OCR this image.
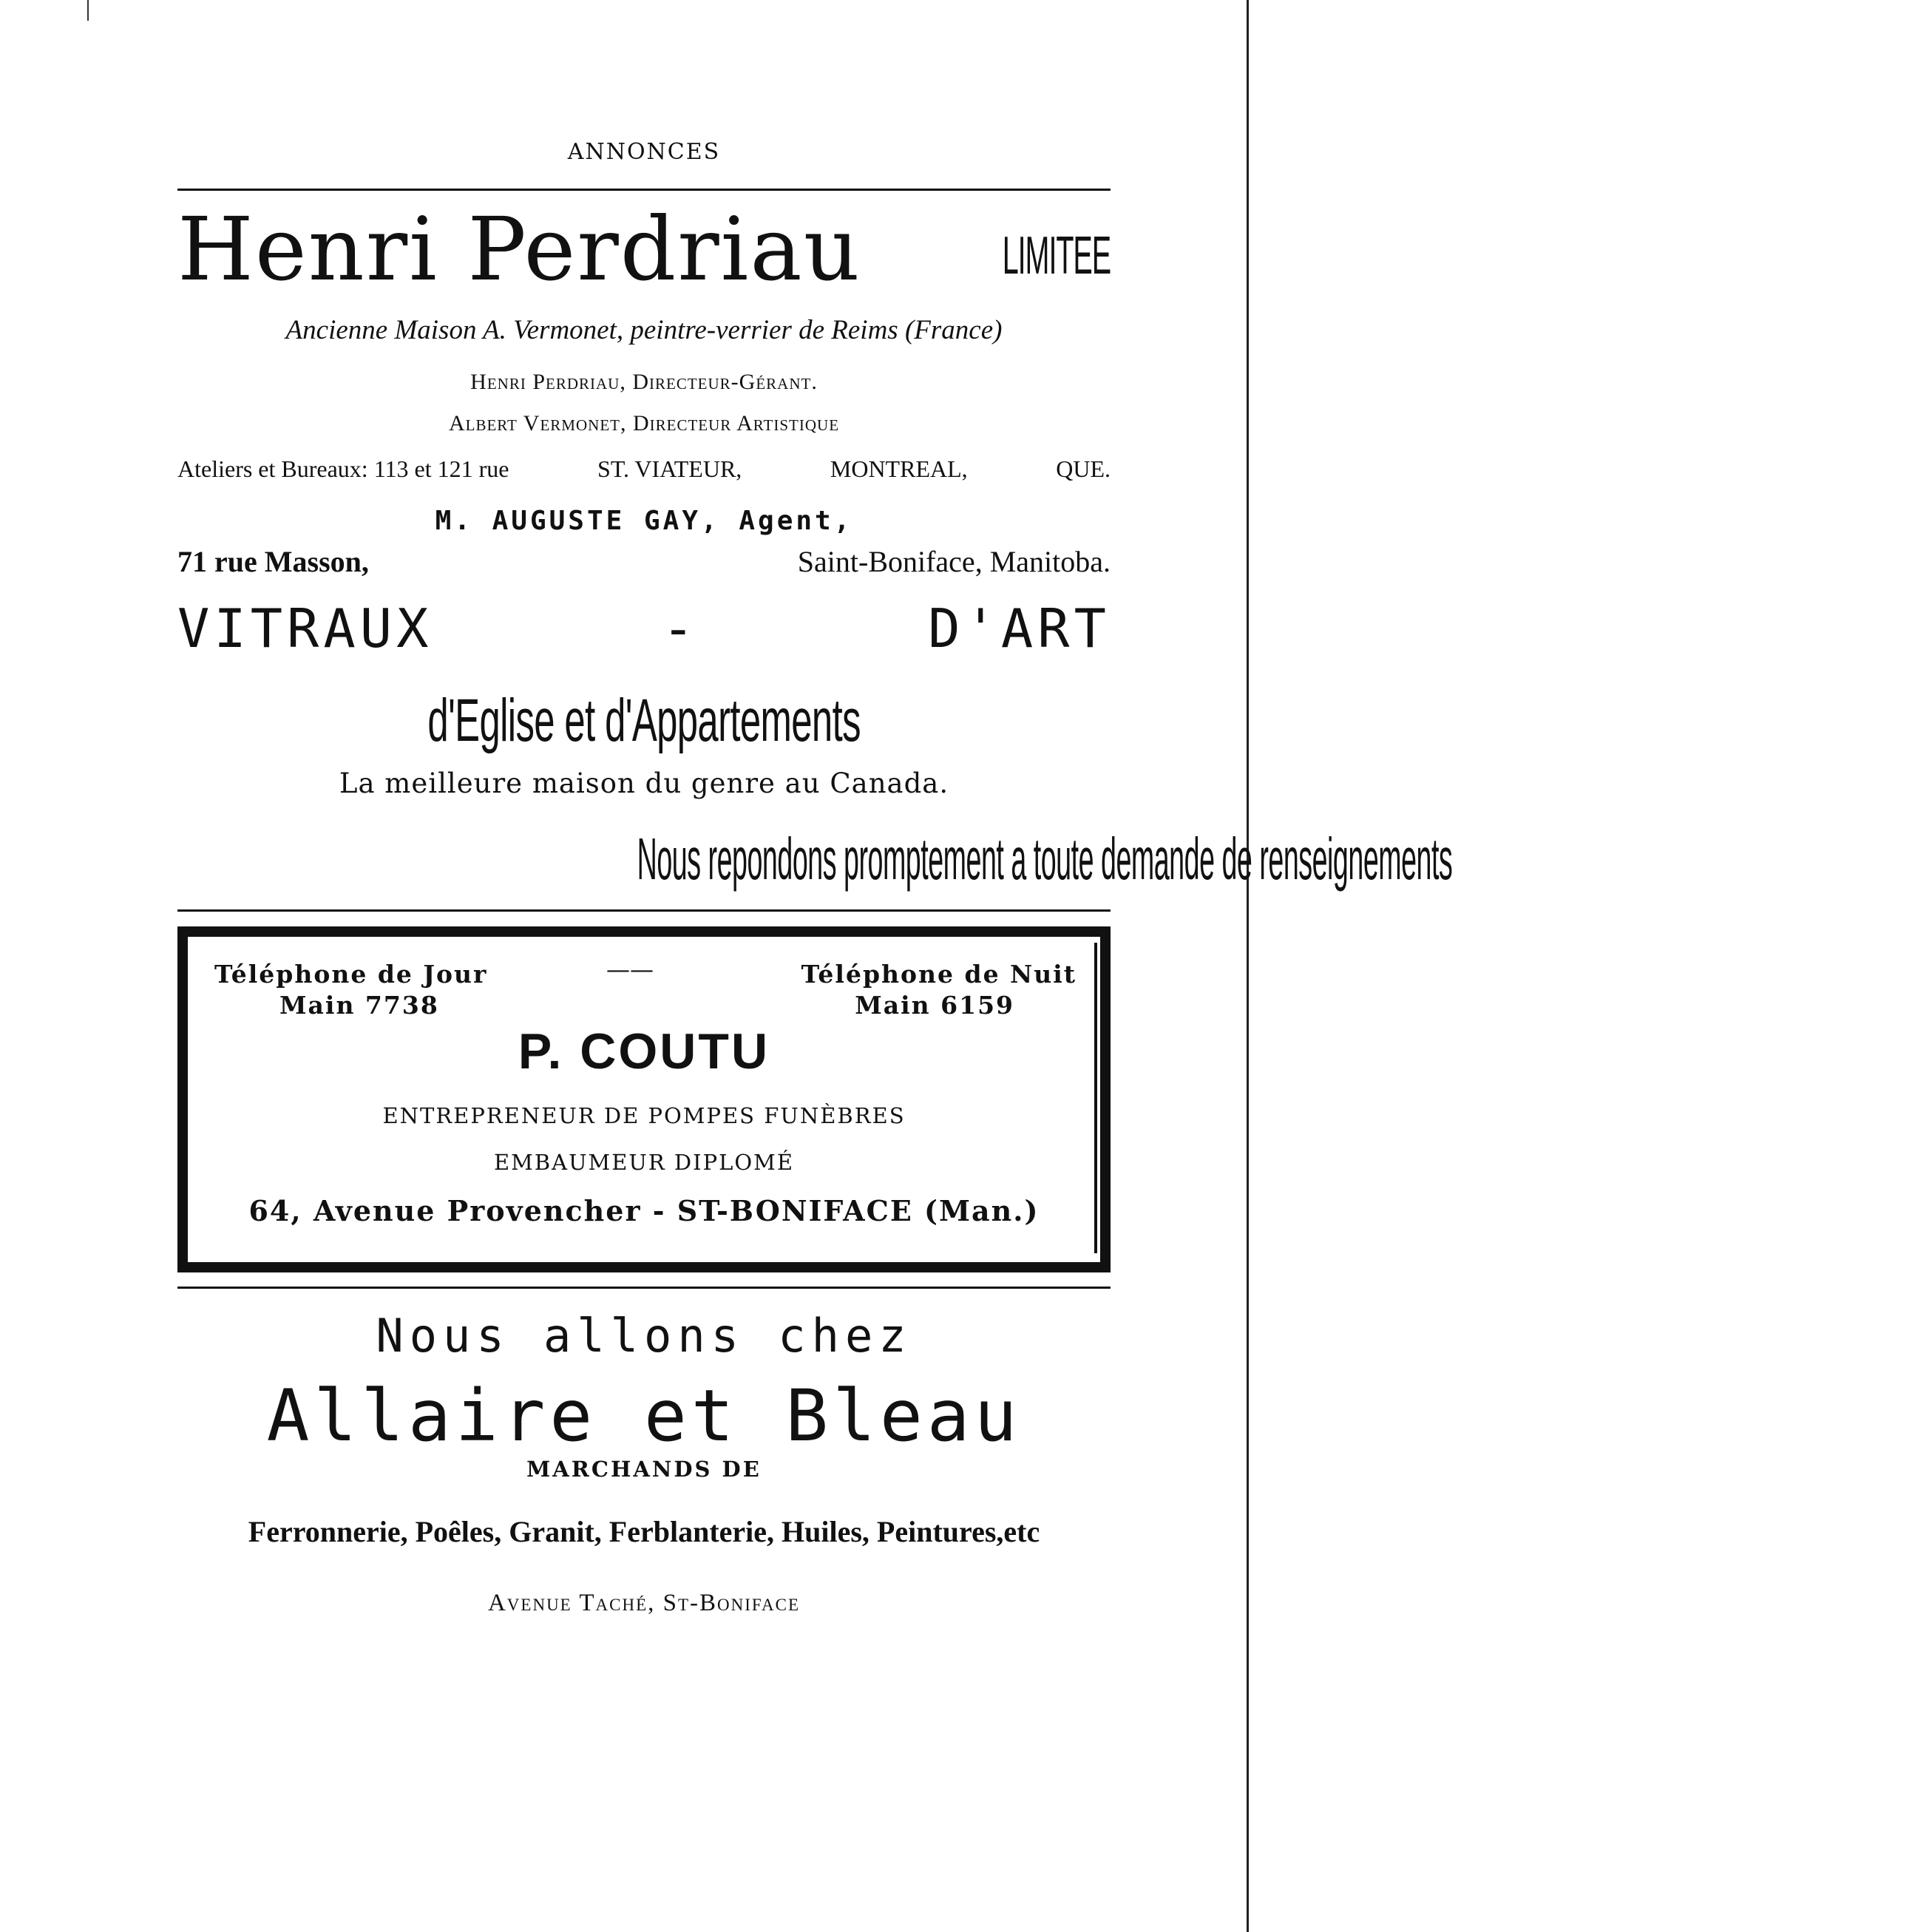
ANNONCES
Henri Perdriau	LIMITEE
Ancienne Maison A. Vermonet, peintre-verrier de Reims (France)
Henri Perdriau, Directeur-Gérant.
Albert Vermonet, Directeur Artistique
Ateliers et Bureaux: 113 et 121 rue	ST. VIATEUR,	MONTREAL,	QUE.
M. AUGUSTE GAY, Agent,
71 rue Masson,	Saint-Boniface, Manitoba.
VITRAUX	-	D'ART
d'Eglise et d'Appartements
La meilleure maison du genre au Canada.
Nous repondons promptement a toute demande de renseignements
Téléphone de Jour
Main 7738
——	Téléphone de Nuit
Main 6159
P. COUTU
ENTREPRENEUR DE POMPES FUNÈBRES
EMBAUMEUR DIPLOMÉ
64, Avenue Provencher - ST-BONIFACE (Man.)
Nous allons chez
Allaire et Bleau
MARCHANDS DE
Ferronnerie, Poêles, Granit, Ferblanterie, Huiles, Peintures,etc
Avenue Taché, St-Boniface
